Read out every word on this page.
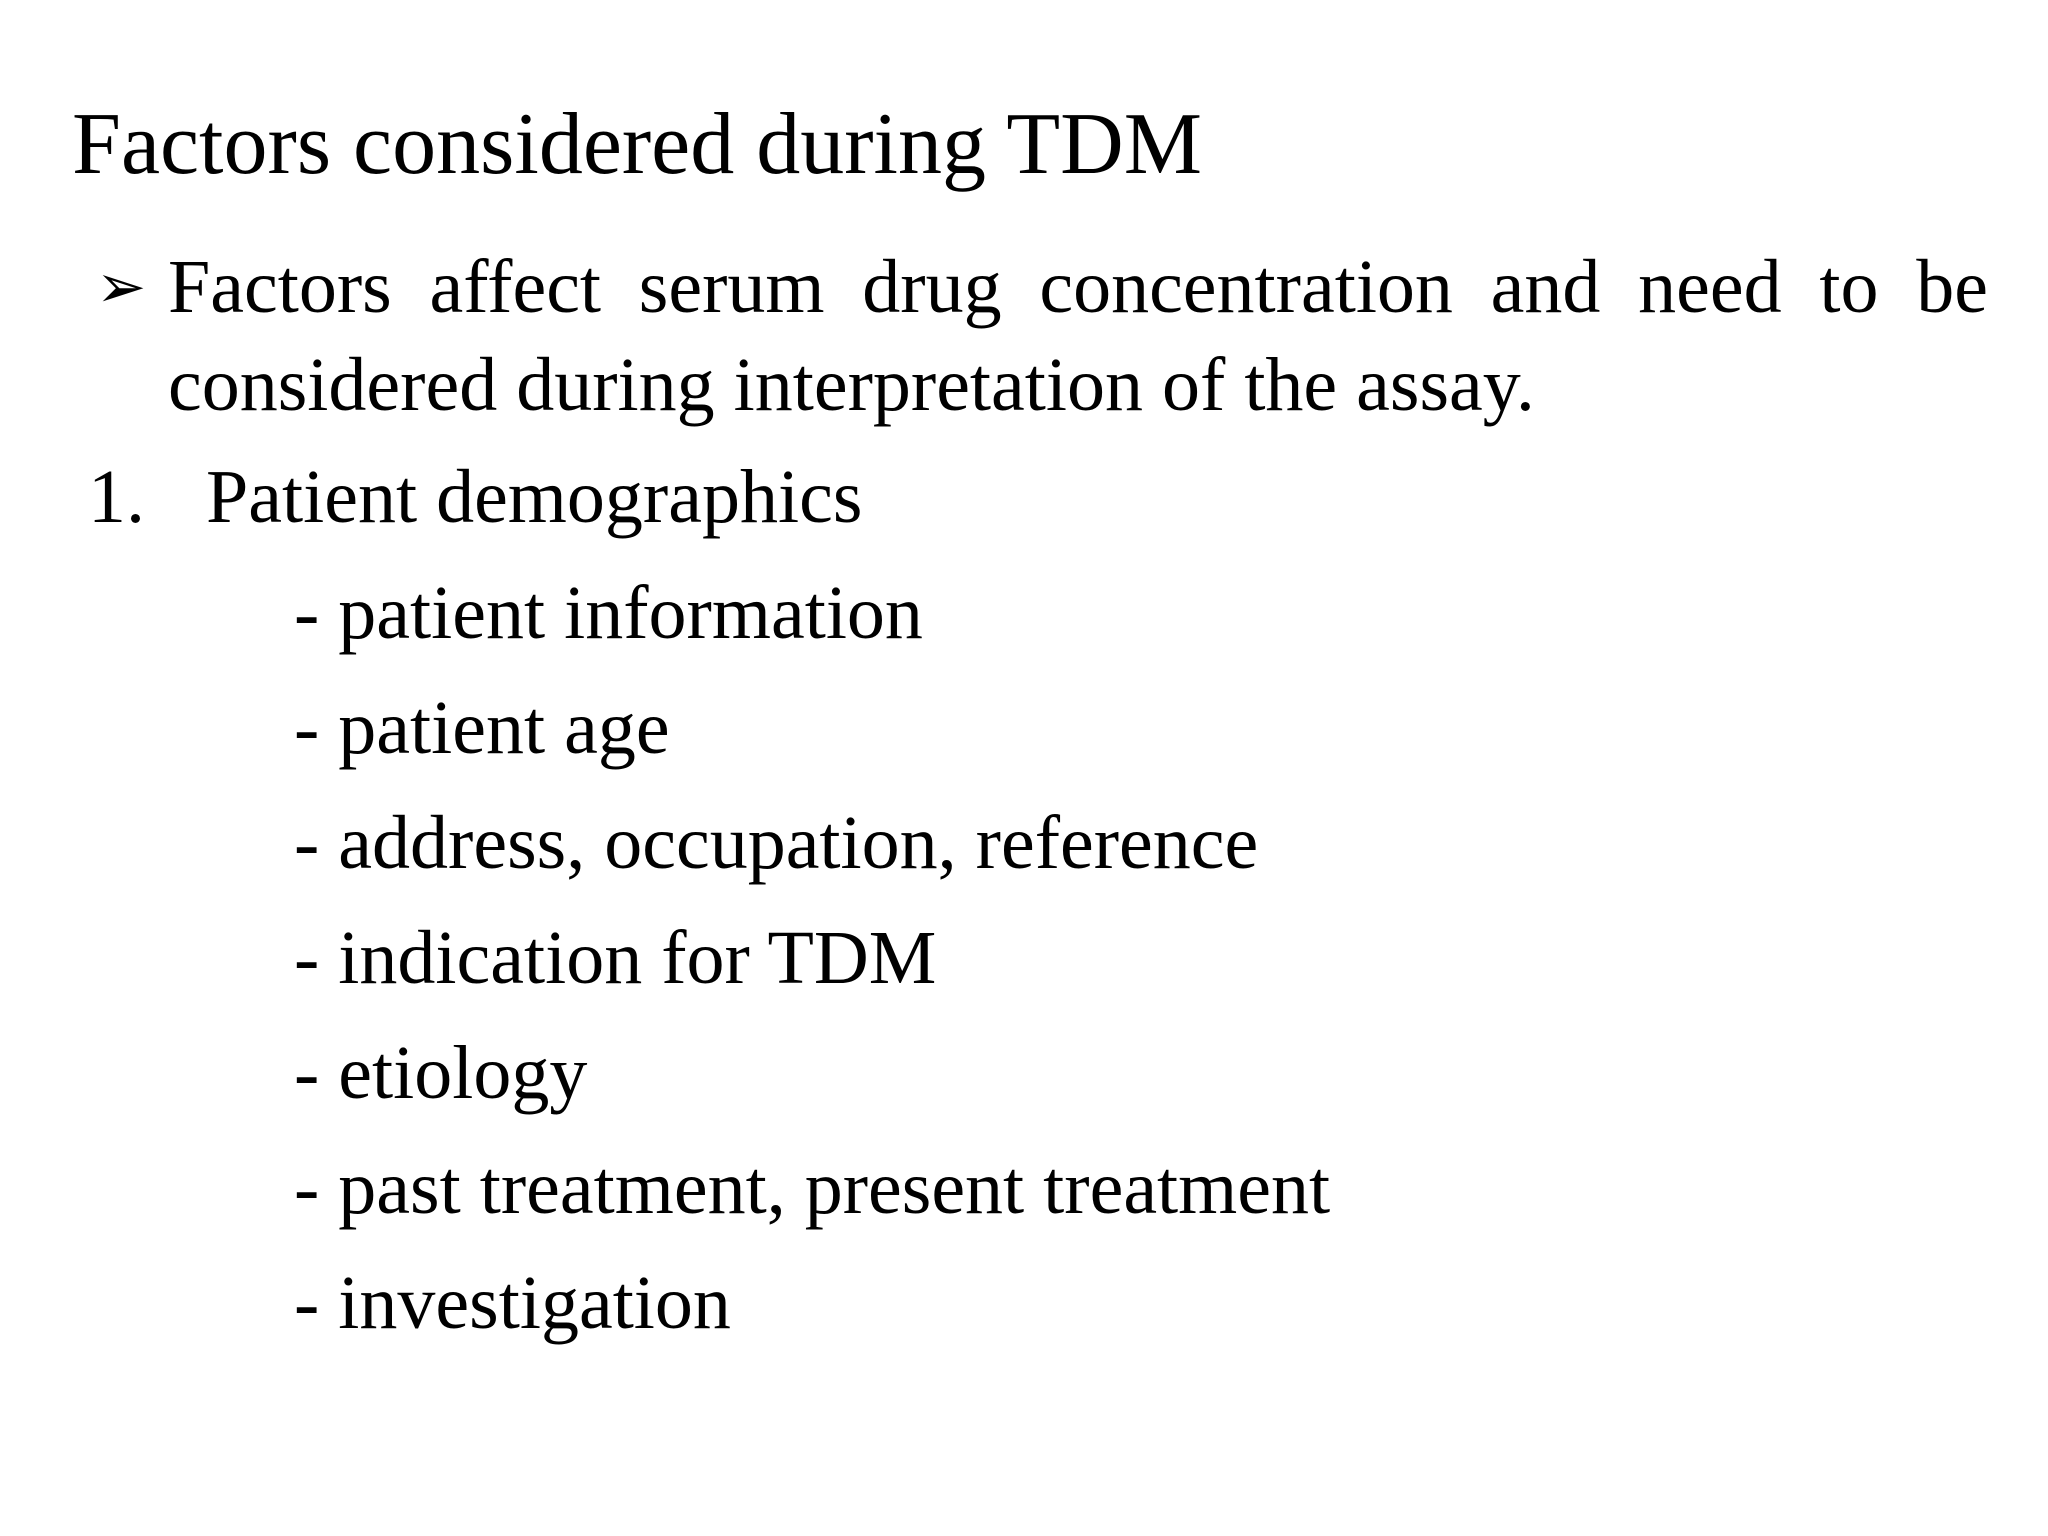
Factors considered during TDM
➢ Factors affect serum drug concentration and need to be considered during interpretation of the assay.
1. Patient demographics
- patient information
- patient age
- address, occupation, reference
- indication for TDM
- etiology
- past treatment, present treatment
- investigation
